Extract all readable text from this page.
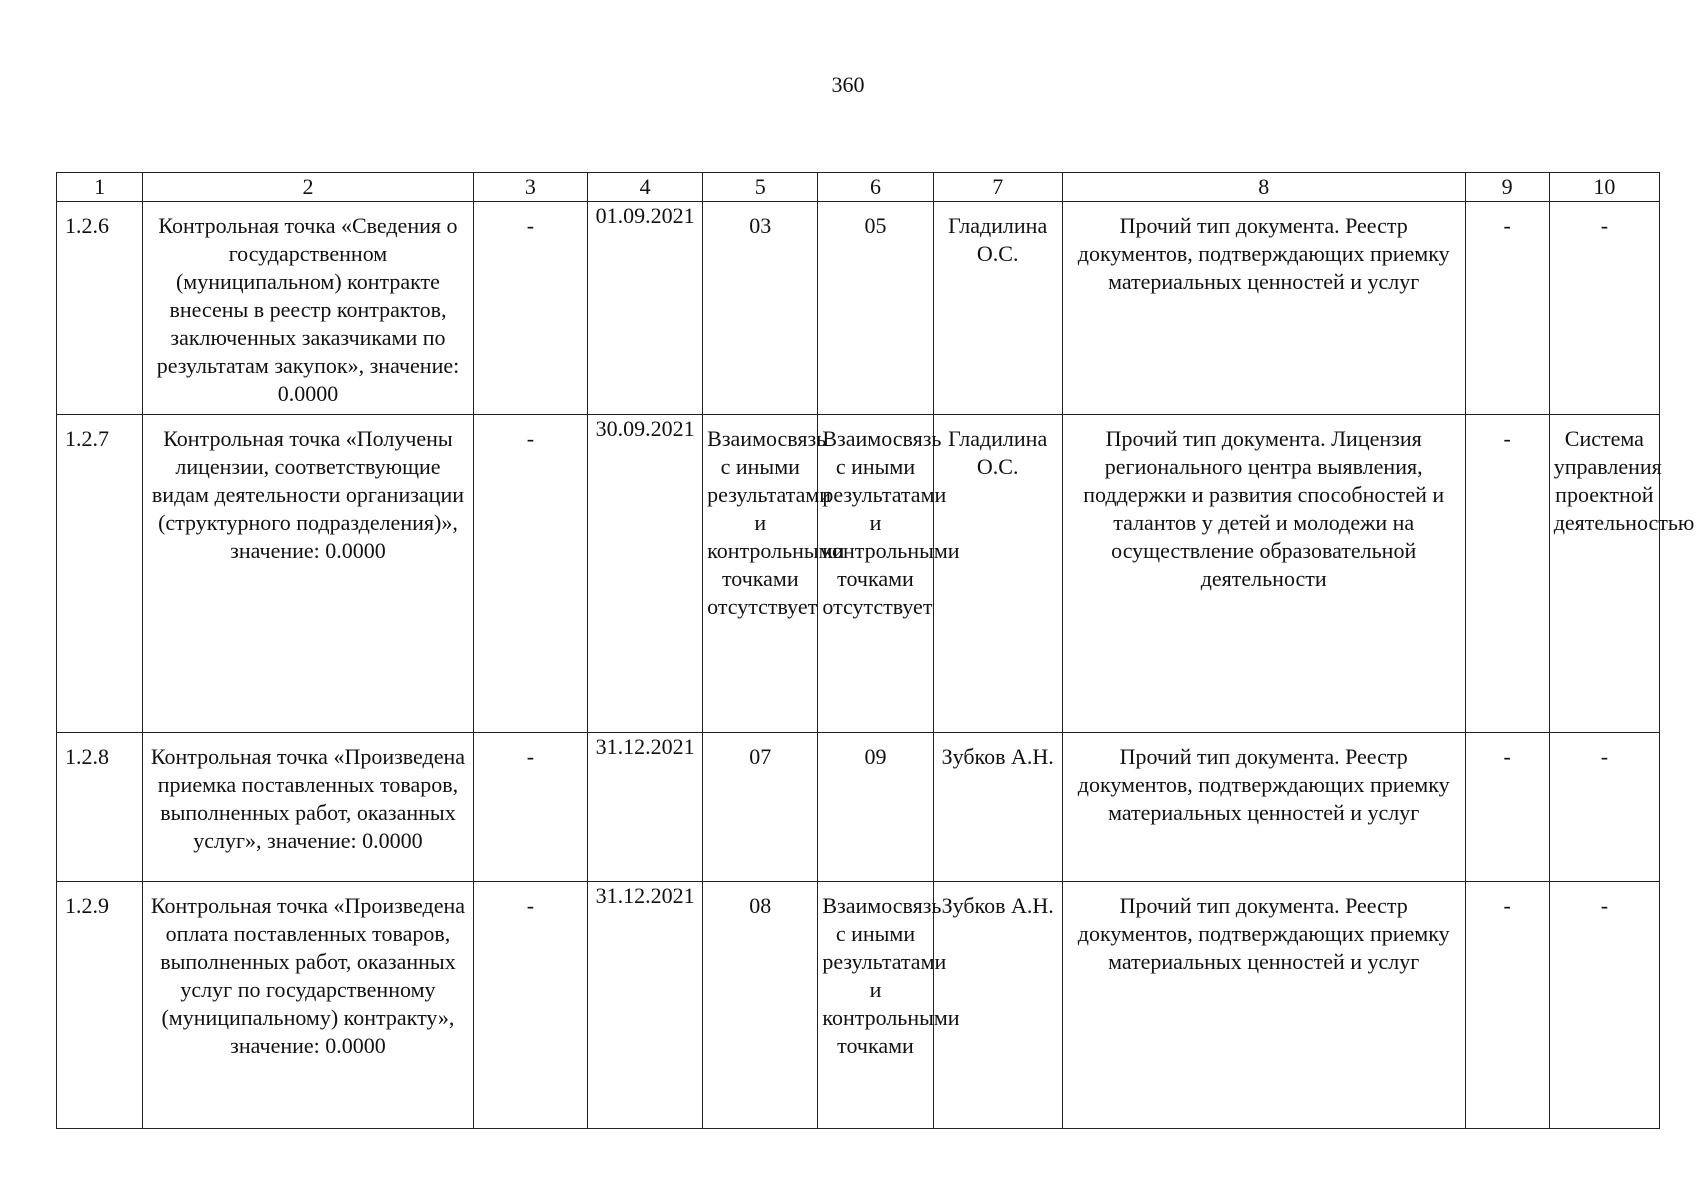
360
1	2	3	4	5	6	7	8	9	10
1.2.6	Контрольная точка «Сведения о государственном (муниципальном) контракте внесены в реестр контрактов, заключенных заказчиками по результатам закупок», значение: 0.0000	-	01.09.2021	03	05	Гладилина О.С.	Прочий тип документа. Реестр документов, подтверждающих приемку материальных ценностей и услуг	-	-
1.2.7	Контрольная точка «Получены лицензии, соответствующие видам деятельности организации (структурного подразделения)», значение: 0.0000	-	30.09.2021	Взаимосвязь с иными результатами и контрольными точками отсутствует	Взаимосвязь с иными результатами и контрольными точками отсутствует	Гладилина О.С.	Прочий тип документа. Лицензия регионального центра выявления, поддержки и развития способностей и талантов у детей и молодежи на осуществление образовательной деятельности	-	Система управления проектной деятельностью
1.2.8	Контрольная точка «Произведена приемка поставленных товаров, выполненных работ, оказанных услуг», значение: 0.0000	-	31.12.2021	07	09	Зубков А.Н.	Прочий тип документа. Реестр документов, подтверждающих приемку материальных ценностей и услуг	-	-
1.2.9	Контрольная точка «Произведена оплата поставленных товаров, выполненных работ, оказанных услуг по государственному (муниципальному) контракту», значение: 0.0000	-	31.12.2021	08	Взаимосвязь с иными результатами и контрольными точками	Зубков А.Н.	Прочий тип документа. Реестр документов, подтверждающих приемку материальных ценностей и услуг	-	-
